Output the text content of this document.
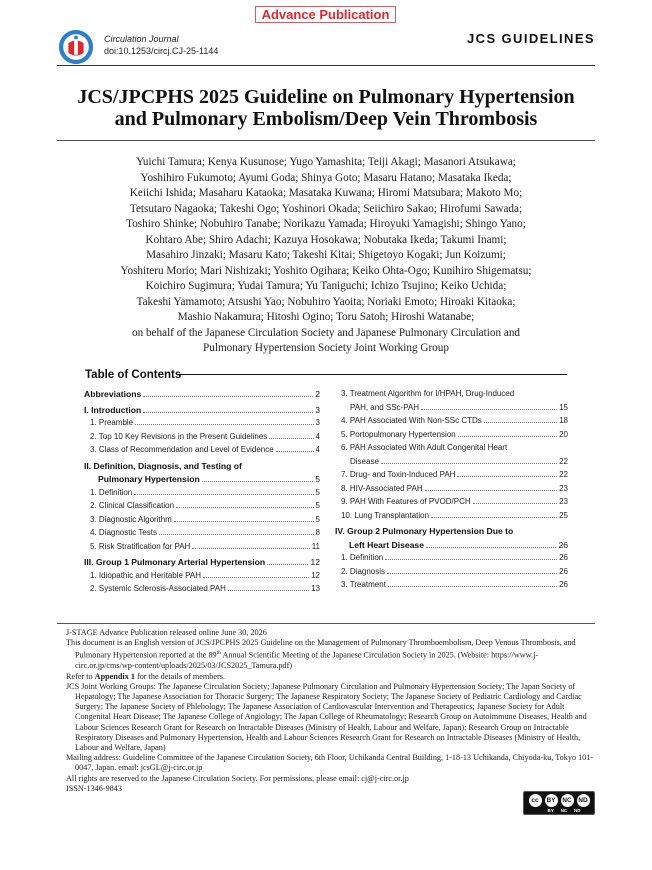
Advance Publication
Circulation Journal
doi:10.1253/circj.CJ-25-1144
JCS GUIDELINES
JCS/JPCPHS 2025 Guideline on Pulmonary Hypertension
and Pulmonary Embolism/Deep Vein Thrombosis
Yuichi Tamura; Kenya Kusunose; Yugo Yamashita; Teiji Akagi; Masanori Atsukawa;
Yoshihiro Fukumoto; Ayumi Goda; Shinya Goto; Masaru Hatano; Masataka Ikeda;
Keiichi Ishida; Masaharu Kataoka; Masataka Kuwana; Hiromi Matsubara; Makoto Mo;
Tetsutaro Nagaoka; Takeshi Ogo; Yoshinori Okada; Seiichiro Sakao; Hirofumi Sawada;
Toshiro Shinke; Nobuhiro Tanabe; Norikazu Yamada; Hiroyuki Yamagishi; Shingo Yano;
Kohtaro Abe; Shiro Adachi; Kazuya Hosokawa; Nobutaka Ikeda; Takumi Inami;
Masahiro Jinzaki; Masaru Kato; Takeshi Kitai; Shigetoyo Kogaki; Jun Koizumi;
Yoshiteru Morio; Mari Nishizaki; Yoshito Ogihara; Keiko Ohta-Ogo; Kunihiro Shigematsu;
Koichiro Sugimura; Yudai Tamura; Yu Taniguchi; Ichizo Tsujino; Keiko Uchida;
Takeshi Yamamoto; Atsushi Yao; Nobuhiro Yaoita; Noriaki Emoto; Hiroaki Kitaoka;
Mashio Nakamura; Hitoshi Ogino; Toru Satoh; Hiroshi Watanabe;
on behalf of the Japanese Circulation Society and Japanese Pulmonary Circulation and
Pulmonary Hypertension Society Joint Working Group
Table of Contents
Abbreviations	2
I. Introduction	3
1. Preamble	3
2. Top 10 Key Revisions in the Present Guidelines	4
3. Class of Recommendation and Level of Evidence	4
II. Definition, Diagnosis, and Testing of
Pulmonary Hypertension	5
1. Definition	5
2. Clinical Classification	5
3. Diagnostic Algorithm	5
4. Diagnostic Tests	8
5. Risk Stratification for PAH	11
III. Group 1 Pulmonary Arterial Hypertension	12
1. Idiopathic and Heritable PAH	12
2. Systemic Sclerosis-Associated PAH	13
3. Treatment Algorithm for I/HPAH, Drug-Induced
PAH, and SSc-PAH	15
4. PAH Associated With Non-SSc CTDs	18
5. Portopulmonary Hypertension	20
6. PAH Associated With Adult Congenital Heart
Disease	22
7. Drug- and Toxin-Induced PAH	22
8. HIV-Associated PAH	23
9. PAH With Features of PVOD/PCH	23
10. Lung Transplantation	25
IV. Group 2 Pulmonary Hypertension Due to
Left Heart Disease	26
1. Definition	26
2. Diagnosis	26
3. Treatment	26

J-STAGE Advance Publication released online June 30, 2026

This document is an English version of JCS/JPCPHS 2025 Guideline on the Management of Pulmonary Thromboembolism, Deep Venous Thrombosis, and Pulmonary Hypertension reported at the 89th Annual Scientific Meeting of the Japanese Circulation Society in 2025. (Website: https://www.j-circ.or.jp/cms/wp-content/uploads/2025/03/JCS2025_Tamura.pdf)

Refer to Appendix 1 for the details of members.

JCS Joint Working Groups: The Japanese Circulation Society; Japanese Pulmonary Circulation and Pulmonary Hypertension Society; The Japan Society of Hepatology; The Japanese Association for Thoracic Surgery; The Japanese Respiratory Society; The Japanese Society of Pediatric Cardiology and Cardiac Surgery; The Japanese Society of Phlebology; The Japanese Association of Cardiovascular Intervention and Therapeutics; Japanese Society for Adult Congenital Heart Disease; The Japanese College of Angiology; The Japan College of Rheumatology; Research Group on Autoimmune Diseases, Health and Labour Sciences Research Grant for Research on Intractable Diseases (Ministry of Health, Labour and Welfare, Japan); Research Group on Intractable Respiratory Diseases and Pulmonary Hypertension, Health and Labour Sciences Research Grant for Research on Intractable Diseases (Ministry of Health, Labour and Welfare, Japan)

Mailing address: Guideline Committee of the Japanese Circulation Society, 6th Floor, Uchikanda Central Building, 1-18-13 Uchikanda, Chiyoda-ku, Tokyo 101-0047, Japan. email: jcsGL@j-circ.or.jp

All rights are reserved to the Japanese Circulation Society. For permissions, please email: cj@j-circ.or.jp

ISSN-1346-9843

cc	BY	NC ND
BY NC ND
